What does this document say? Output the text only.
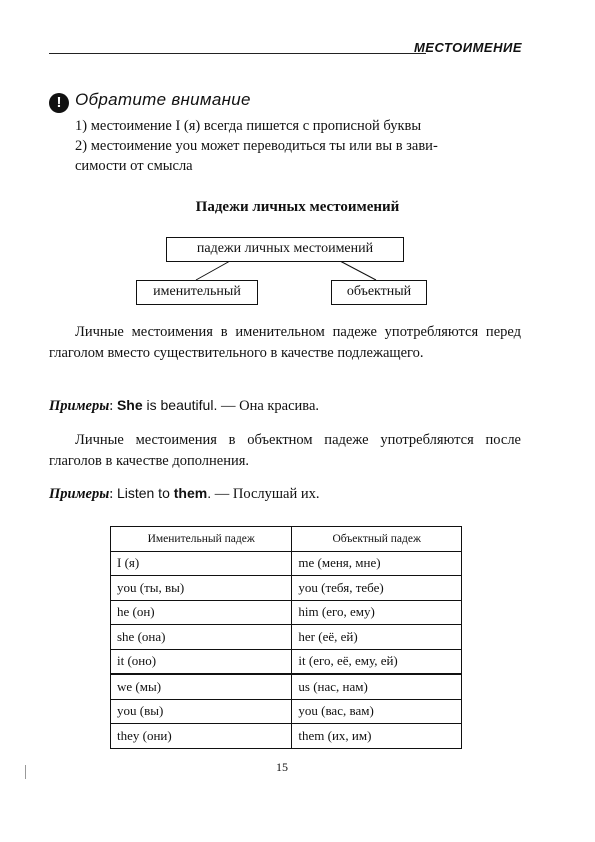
МЕСТОИМЕНИЕ
! Обратите внимание
1) местоимение I (я) всегда пишется с прописной буквы
2) местоимение you может переводиться ты или вы в зави-
симости от смысла
Падежи личных местоимений
падежи личных местоимений
именительный	объектный
Личные местоимения в именительном падеже употребляются перед глаголом вместо существительного в качестве подлежащего.
Примеры: She is beautiful. — Она красива.
Личные местоимения в объектном падеже употребляются после глаголов в качестве дополнения.
Примеры: Listen to them. — Послушай их.
Именительный падеж	Объектный падеж
I (я)	me (меня, мне)
you (ты, вы)	you (тебя, тебе)
he (он)	him (его, ему)
she (она)	her (её, ей)
it (оно)	it (его, её, ему, ей)
we (мы)	us (нас, нам)
you (вы)	you (вас, вам)
they (они)	them (их, им)
15
